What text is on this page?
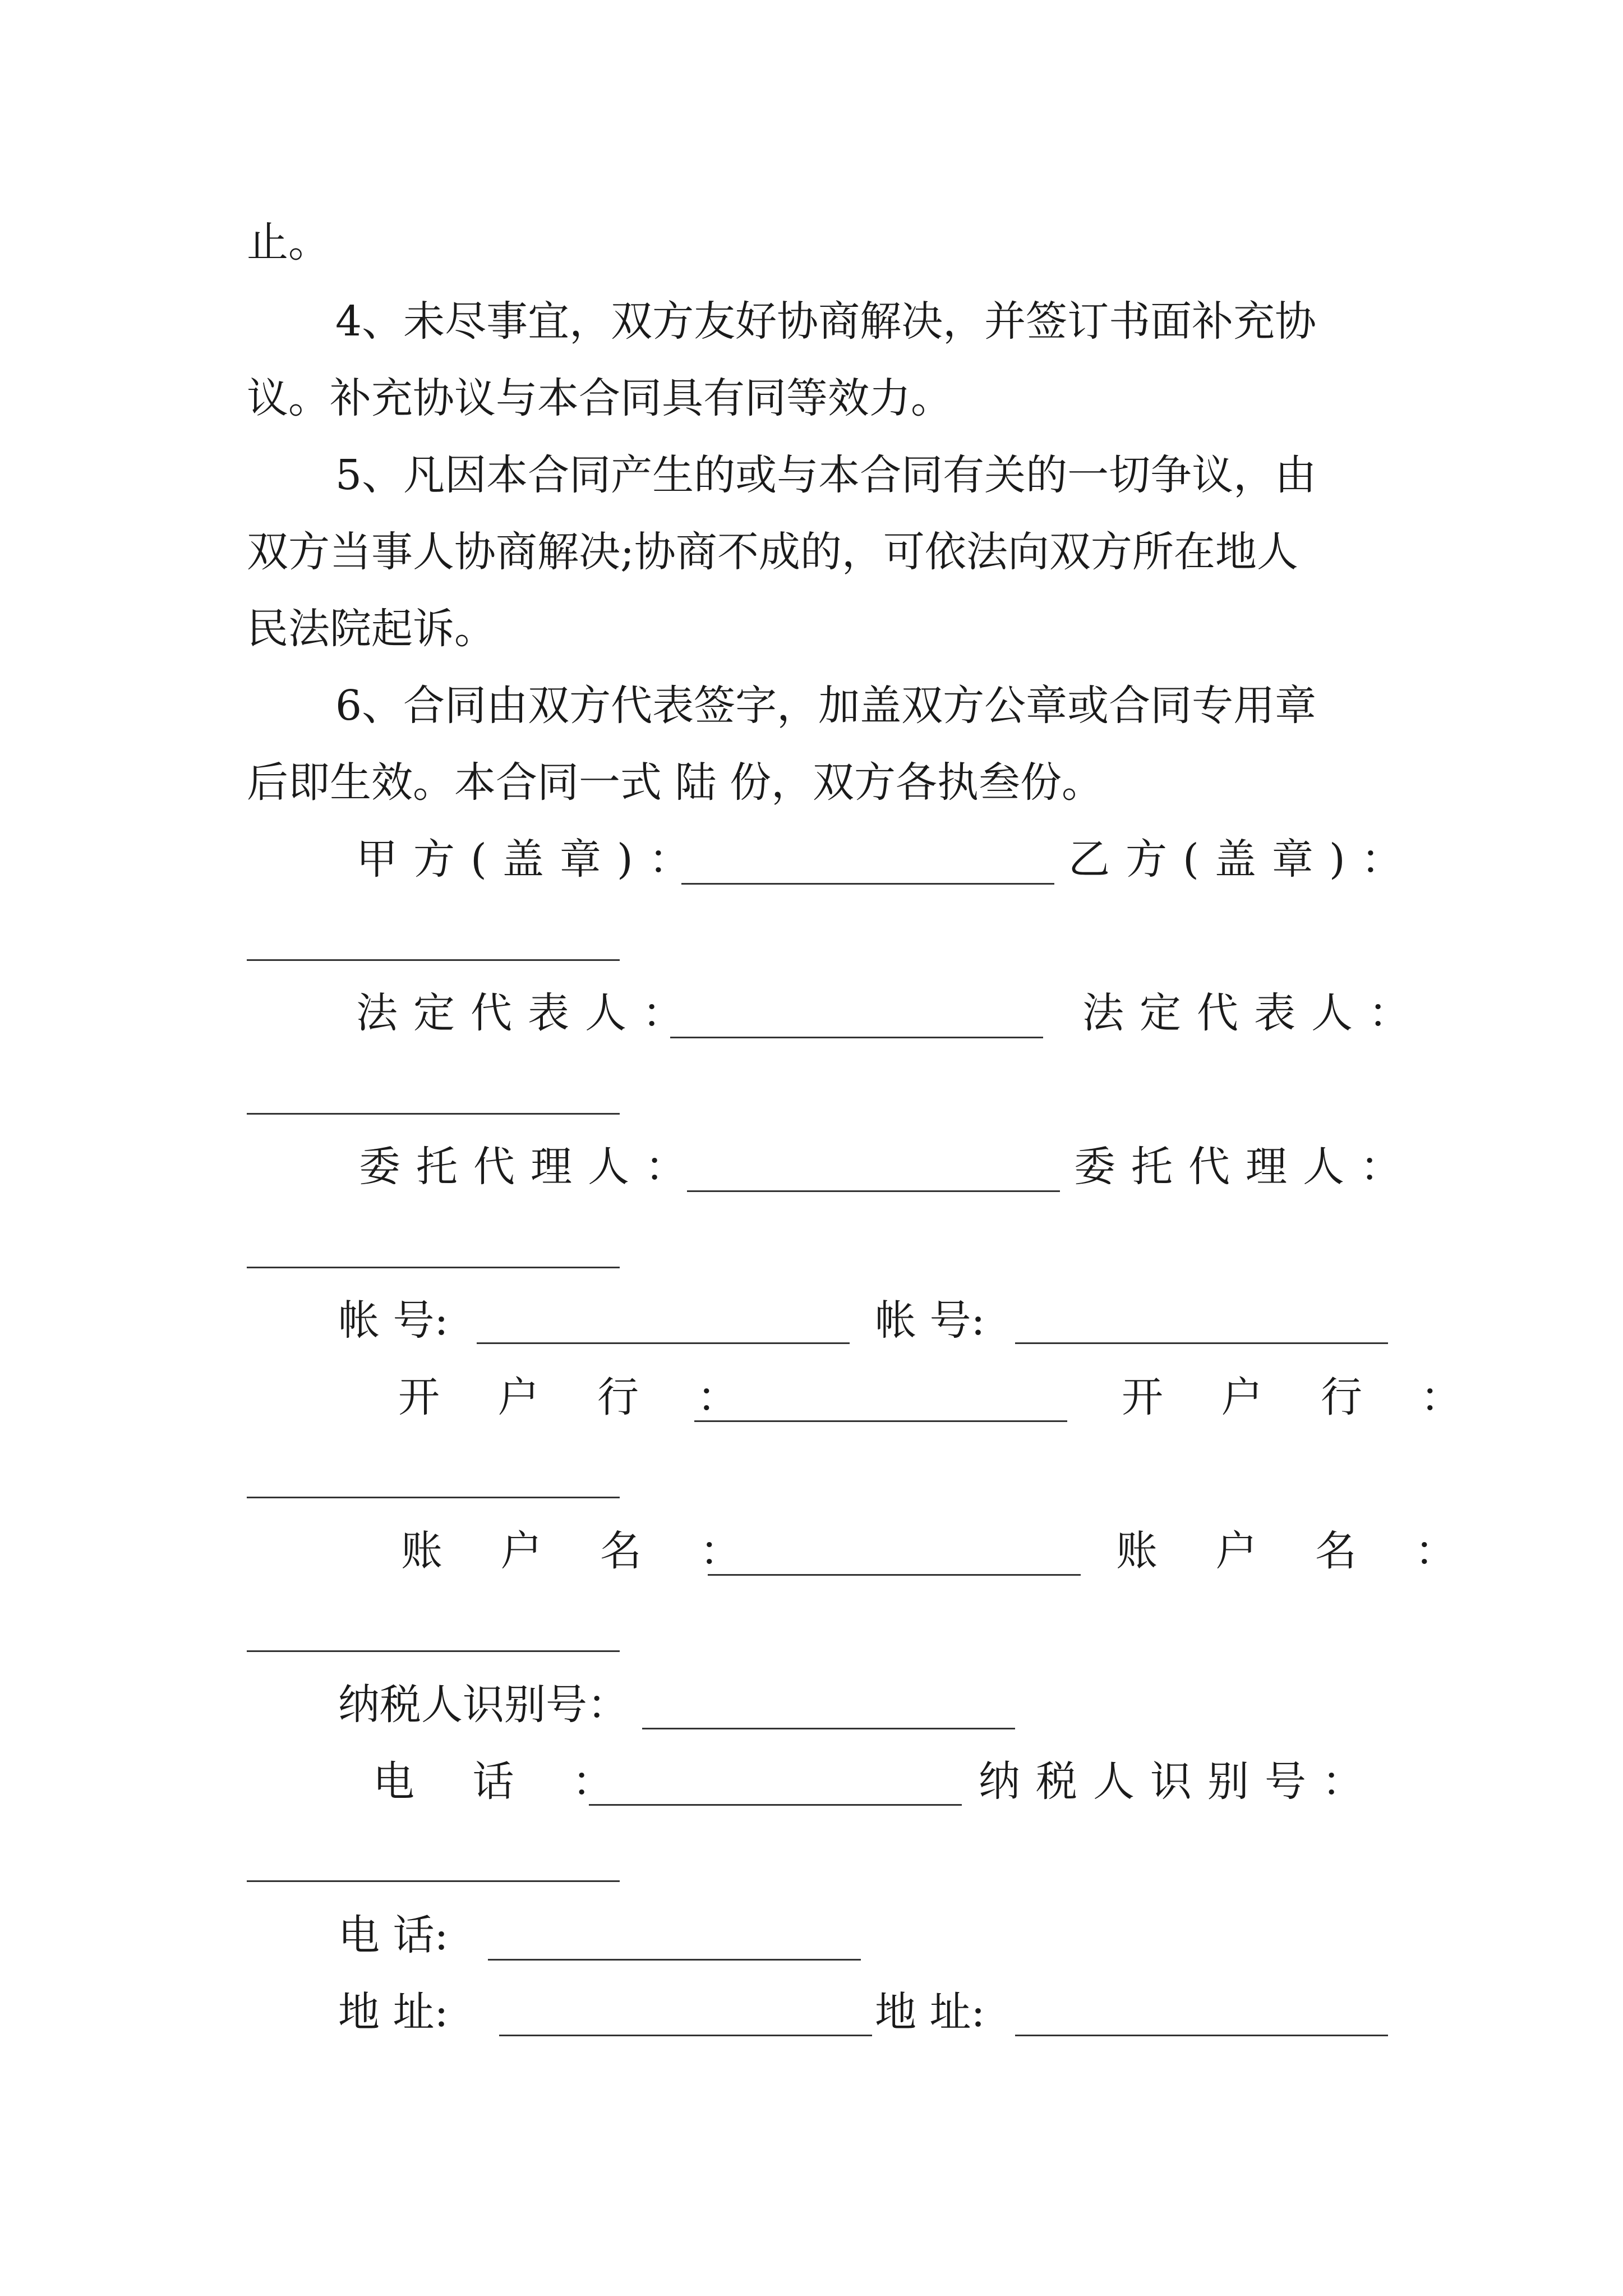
止。
4、未尽事宜，双方友好协商解决，并签订书面补充协
议。补充协议与本合同具有同等效力。
5、凡因本合同产生的或与本合同有关的一切争议，由
双方当事人协商解决;协商不成的，可依法向双方所在地人
民法院起诉。
6、合同由双方代表签字，加盖双方公章或合同专用章
后即生效。本合同一式 陆 份，双方各执叁份。
甲方(盖章)：	乙方(盖章)：
法定代表人：	法定代表人：
委托代理人：	委托代理人：
帐 号:	帐 号:
开 户 行 ：	开 户 行 ：
账 户 名 ：	账 户 名 ：
纳税人识别号：
电 话 ：	纳税人识别号：
电 话:
地 址:	地 址:
